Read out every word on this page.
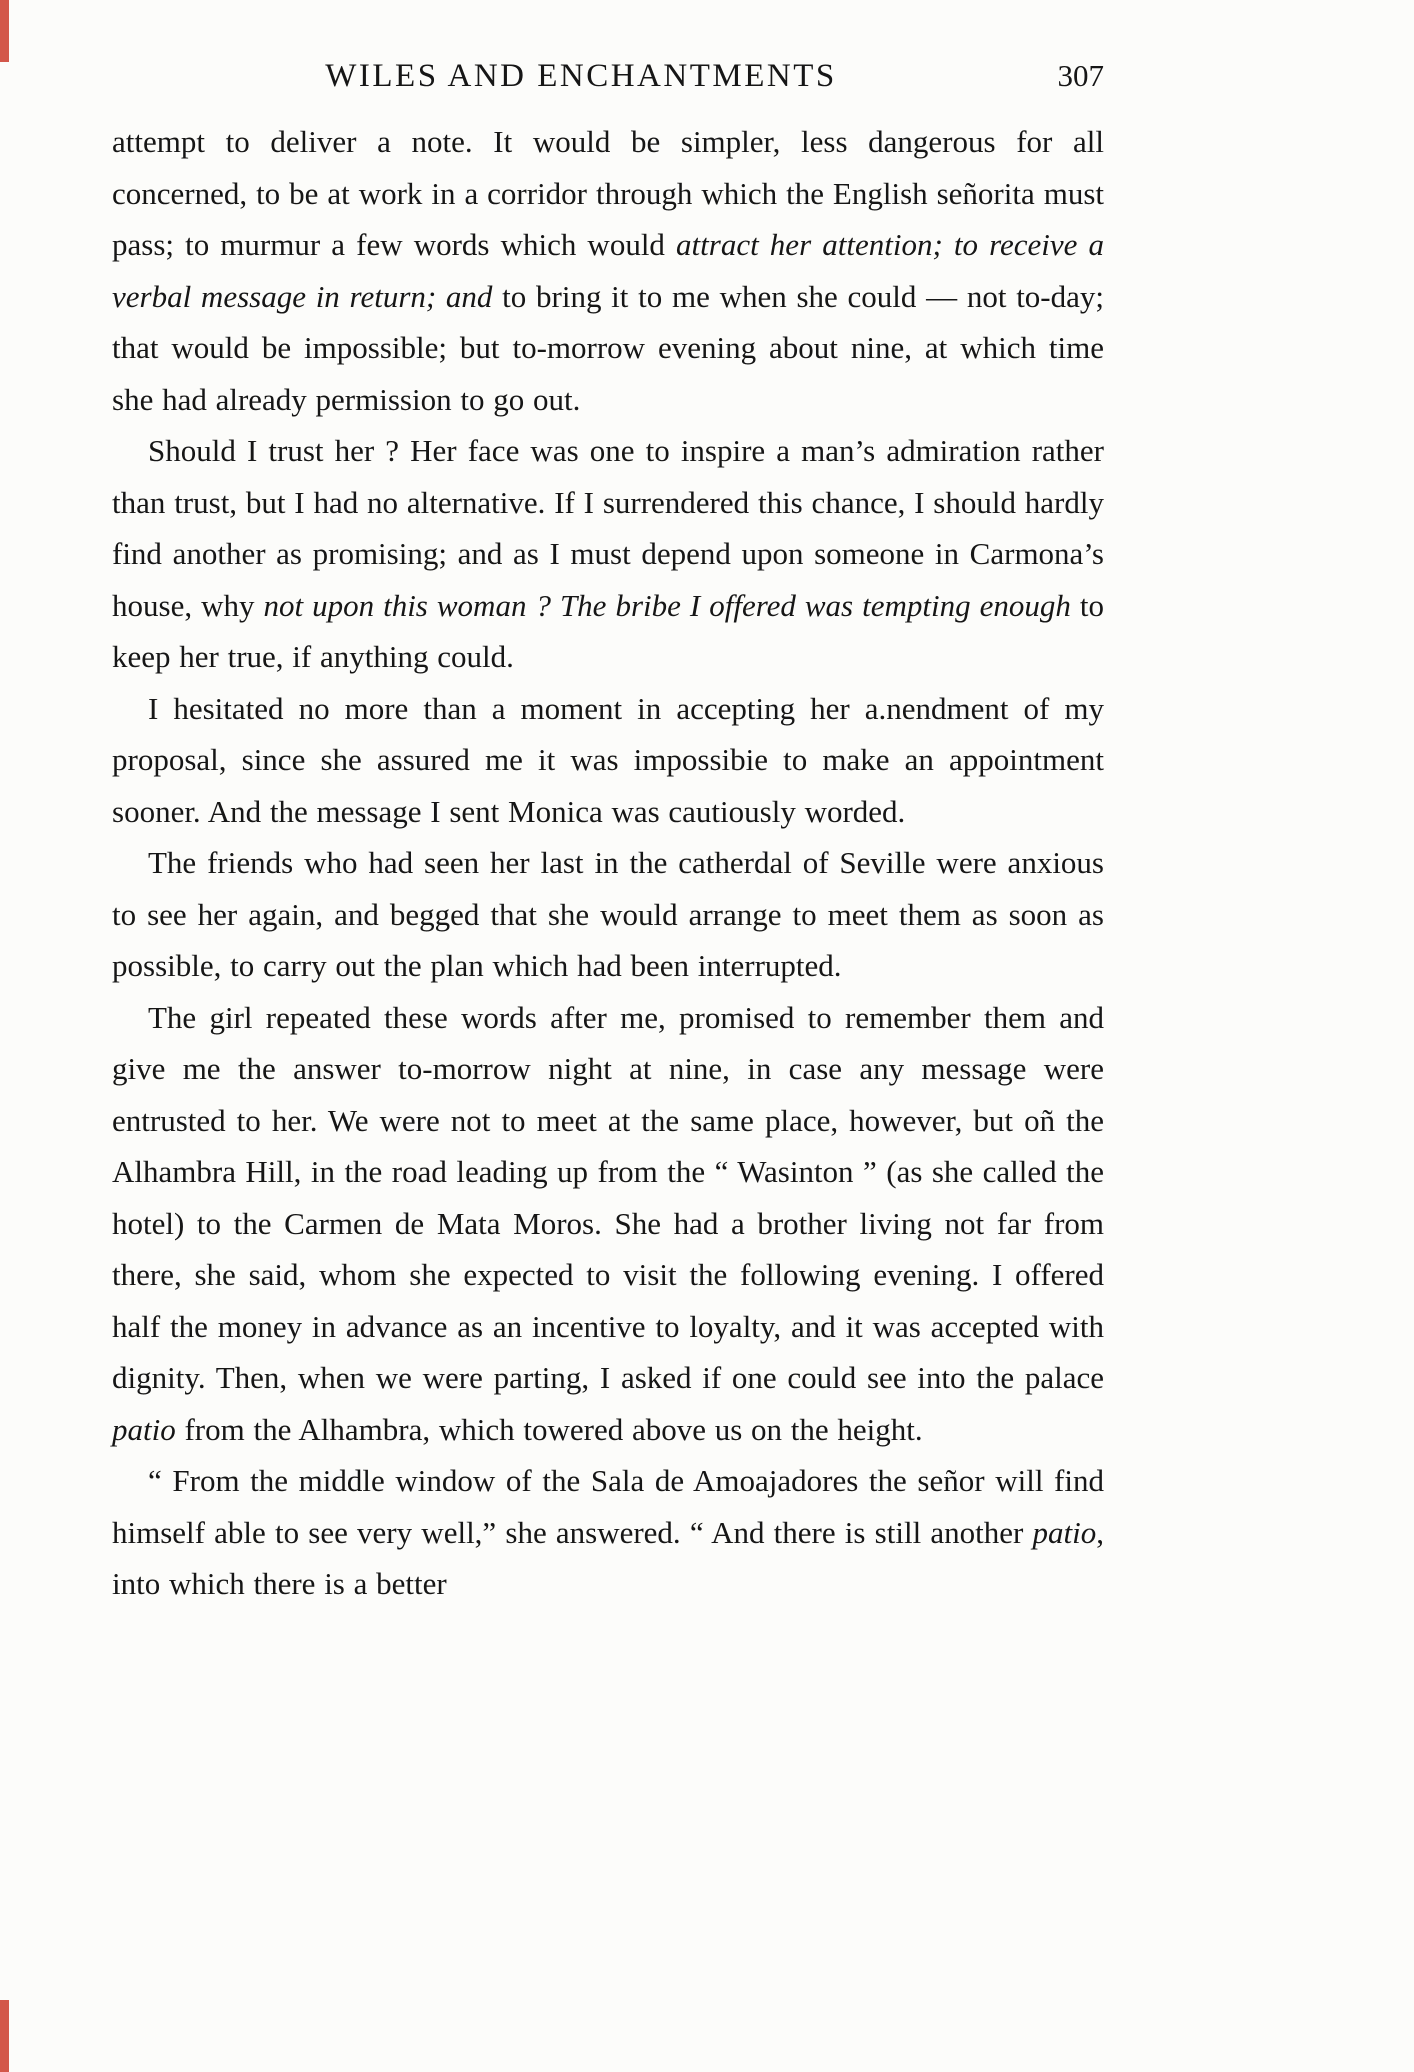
WILES AND ENCHANTMENTS	307

attempt to deliver a note. It would be simpler, less dangerous for all concerned, to be at work in a corridor through which the English señorita must pass; to murmur a few words which would attract her attention; to receive a verbal message in return; and to bring it to me when she could — not to-day; that would be impossible; but to-morrow evening about nine, at which time she had already permission to go out.

Should I trust her ? Her face was one to inspire a man’s admiration rather than trust, but I had no alternative. If I surrendered this chance, I should hardly find another as promising; and as I must depend upon someone in Carmona’s house, why not upon this woman ? The bribe I offered was tempting enough to keep her true, if anything could.

I hesitated no more than a moment in accepting her a.nendment of my proposal, since she assured me it was impossibie to make an appointment sooner. And the message I sent Monica was cautiously worded.

The friends who had seen her last in the catherdal of Seville were anxious to see her again, and begged that she would arrange to meet them as soon as possible, to carry out the plan which had been interrupted.

The girl repeated these words after me, promised to remember them and give me the answer to-morrow night at nine, in case any message were entrusted to her. We were not to meet at the same place, however, but oñ the Alhambra Hill, in the road leading up from the “ Wasinton ” (as she called the hotel) to the Carmen de Mata Moros. She had a brother living not far from there, she said, whom she expected to visit the following evening. I offered half the money in advance as an incentive to loyalty, and it was accepted with dignity. Then, when we were parting, I asked if one could see into the palace patio from the Alhambra, which towered above us on the height.

“ From the middle window of the Sala de Amoajadores the señor will find himself able to see very well,” she answered. “ And there is still another patio, into which there is a better
